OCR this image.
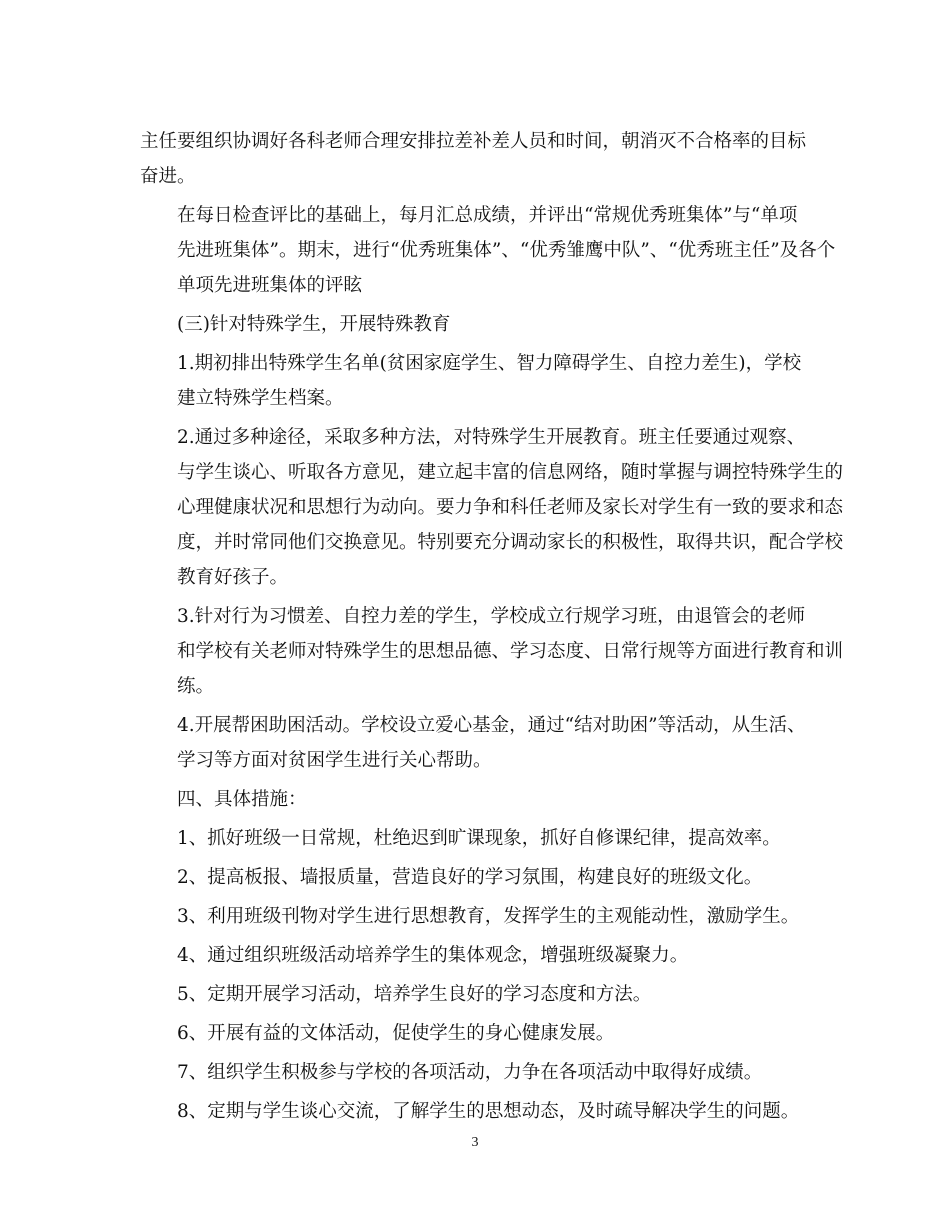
主任要组织协调好各科老师合理安排拉差补差人员和时间，朝消灭不合格率的目标
奋进。

在每日检查评比的基础上，每月汇总成绩，并评出“常规优秀班集体”与“单项
先进班集体”。期末，进行“优秀班集体”、“优秀雏鹰中队”、“优秀班主任”及各个
单项先进班集体的评眩

(三)针对特殊学生，开展特殊教育

1.期初排出特殊学生名单(贫困家庭学生、智力障碍学生、自控力差生)，学校
建立特殊学生档案。

2.通过多种途径，采取多种方法，对特殊学生开展教育。班主任要通过观察、
与学生谈心、听取各方意见，建立起丰富的信息网络，随时掌握与调控特殊学生的
心理健康状况和思想行为动向。要力争和科任老师及家长对学生有一致的要求和态
度，并时常同他们交换意见。特别要充分调动家长的积极性，取得共识，配合学校
教育好孩子。

3.针对行为习惯差、自控力差的学生，学校成立行规学习班，由退管会的老师
和学校有关老师对特殊学生的思想品德、学习态度、日常行规等方面进行教育和训
练。

4.开展帮困助困活动。学校设立爱心基金，通过“结对助困”等活动，从生活、
学习等方面对贫困学生进行关心帮助。

四、具体措施：

1、抓好班级一日常规，杜绝迟到旷课现象，抓好自修课纪律，提高效率。

2、提高板报、墙报质量，营造良好的学习氛围，构建良好的班级文化。

3、利用班级刊物对学生进行思想教育，发挥学生的主观能动性，激励学生。

4、通过组织班级活动培养学生的集体观念，增强班级凝聚力。

5、定期开展学习活动，培养学生良好的学习态度和方法。

6、开展有益的文体活动，促使学生的身心健康发展。

7、组织学生积极参与学校的各项活动，力争在各项活动中取得好成绩。

8、定期与学生谈心交流，了解学生的思想动态，及时疏导解决学生的问题。

3
